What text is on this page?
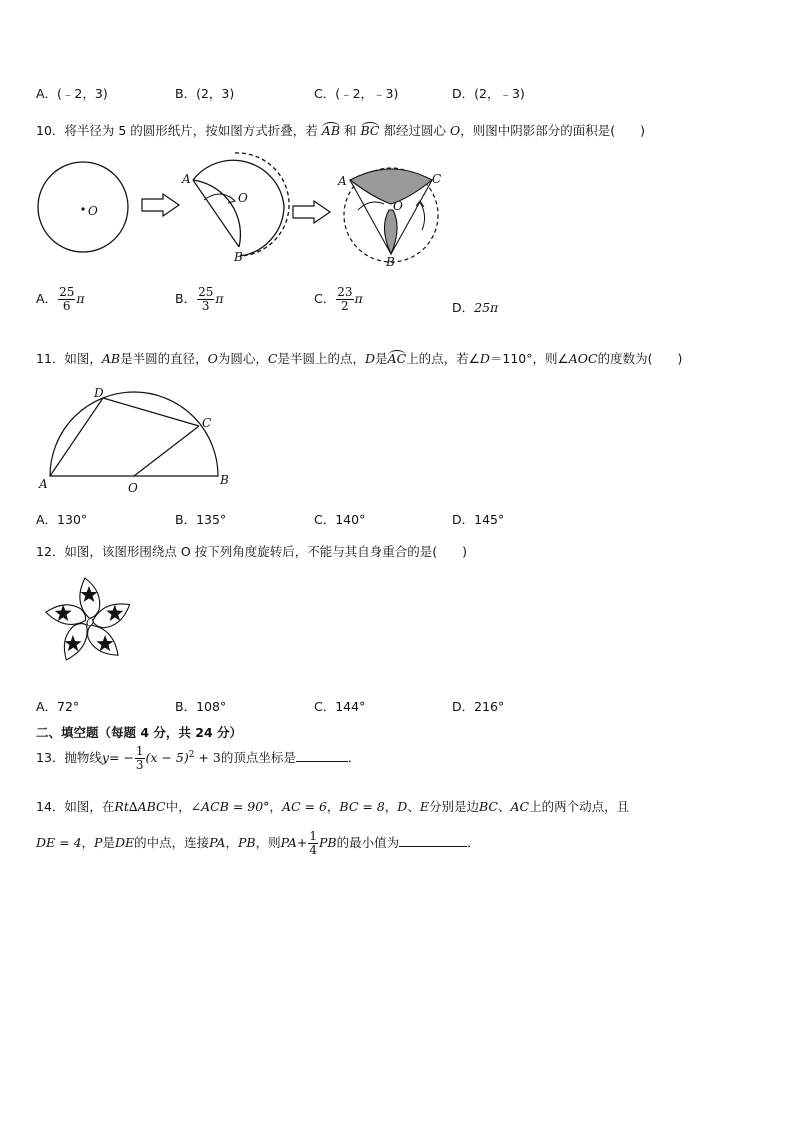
A．(﹣2，3)	B．(2，3)	C．(﹣2，﹣3)	D．(2，﹣3)
10．将半径为 5 的圆形纸片，按如图方式折叠，若 AB 和 BC 都经过圆心 O，则图中阴影部分的面积是(　　)
O
A
O
B
A	C
O
B
A． $\frac{25}{6}$ π	B． $\frac{25}{3}$ π	C． $\frac{23}{2}$ π
D．25π
11．如图，AB是半圆的直径，O为圆心，C是半圆上的点，D是AC上的点，若∠D＝110°，则∠AOC的度数为(　　)
D
C
A	O
B
A．130°	B．135°	C．140°	D．145°
12．如图，该图形围绕点 O 按下列角度旋转后，不能与其自身重合的是(　　)
O
A．72°	B．108°	C．144°	D．216°
二、填空题（每题 4 分，共 24 分）
13．抛物线$y= - \frac{1}{3} (x - 5)^2 + 3$的顶点坐标是	．
14．如图，在Rt∆ABC中，∠ACB = 90°，AC = 6，BC = 8，D、E分别是边BC、AC上的两个动点，且
DE = 4，P是DE的中点，连接PA，PB，则$PA+ \frac{1}{4}$ PB的最小值为	．
